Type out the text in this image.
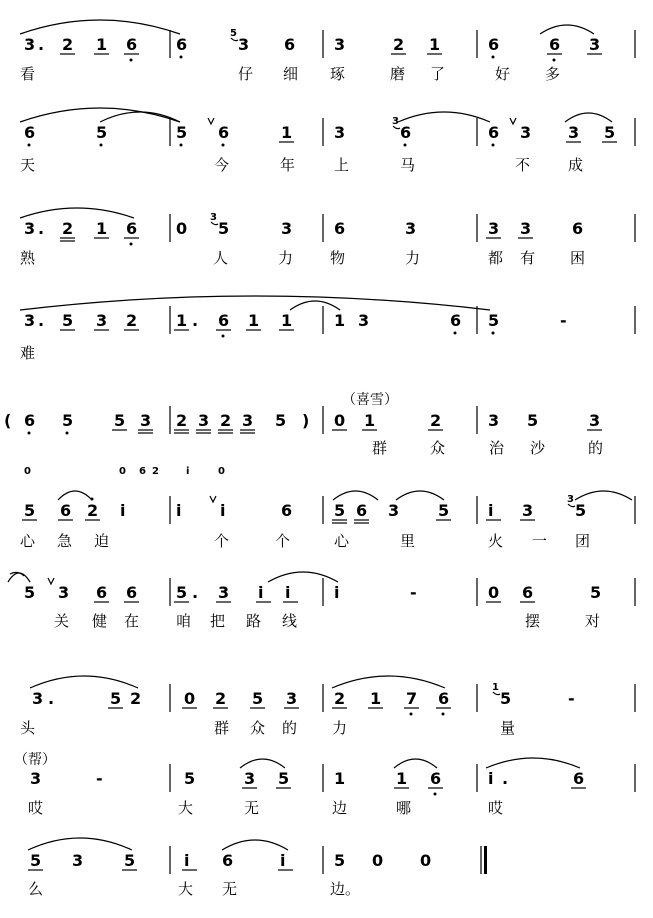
3 . 2 1 6 6	3
5
6 3	2 1	6	6 3
看	仔 细 琢	磨 了	好 多
6	5	5 6	1	3	6
3
6 3 3 5
天	今	年	上	马	不	成
3 . 2 1 6 0 5
3
3	6	3	3 3	6
熟	人	力 物	力	都 有 困
3 . 5 3 2 1 . 6 1 1	1 3	6 5	-
难
( 6 5	5 3 2 3 2 3 5 ) 0 1	2	3 5	3
（喜雪）
群	众	治 沙	的
5 6 2 i	i i	6	5 6 3 5 i 3	5
3
0	0 6 2	i	0
心 急 迫	个	个	心	里	火 一 团
5 3 6 6 5 . 3 i i	i	-	0 6	5
关 健 在 咱 把 路 线	摆	对
3 .	5 2	0 2 5 3 2 1 7 6	5
1
-
头	群 众 的 力	量
3	-	5	3 5	1	1 6	i .	6
（帮）
哎	大	无	边	哪	哎
5 3	5	i 6	i	5 0 0
么	大 无	边。
